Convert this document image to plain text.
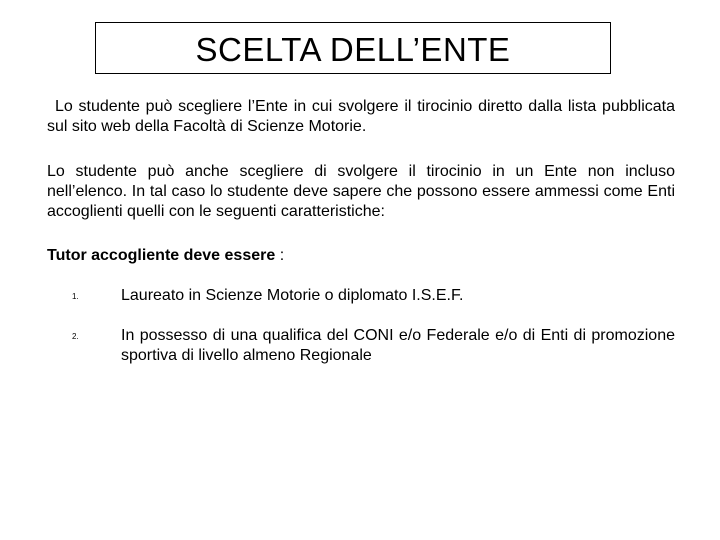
SCELTA DELL’ENTE

Lo studente può scegliere l’Ente in cui svolgere il tirocinio diretto dalla lista pubblicata sul sito web della Facoltà di Scienze Motorie.

Lo studente può anche scegliere di svolgere il tirocinio in un Ente non incluso nell’elenco. In tal caso lo studente deve sapere che possono essere ammessi come Enti accoglienti quelli con le seguenti caratteristiche:

Tutor accogliente deve essere :

1.	Laureato in Scienze Motorie o diplomato I.S.E.F.

2.	In possesso di una qualifica del CONI e/o Federale e/o di Enti di promozione sportiva di livello almeno Regionale
